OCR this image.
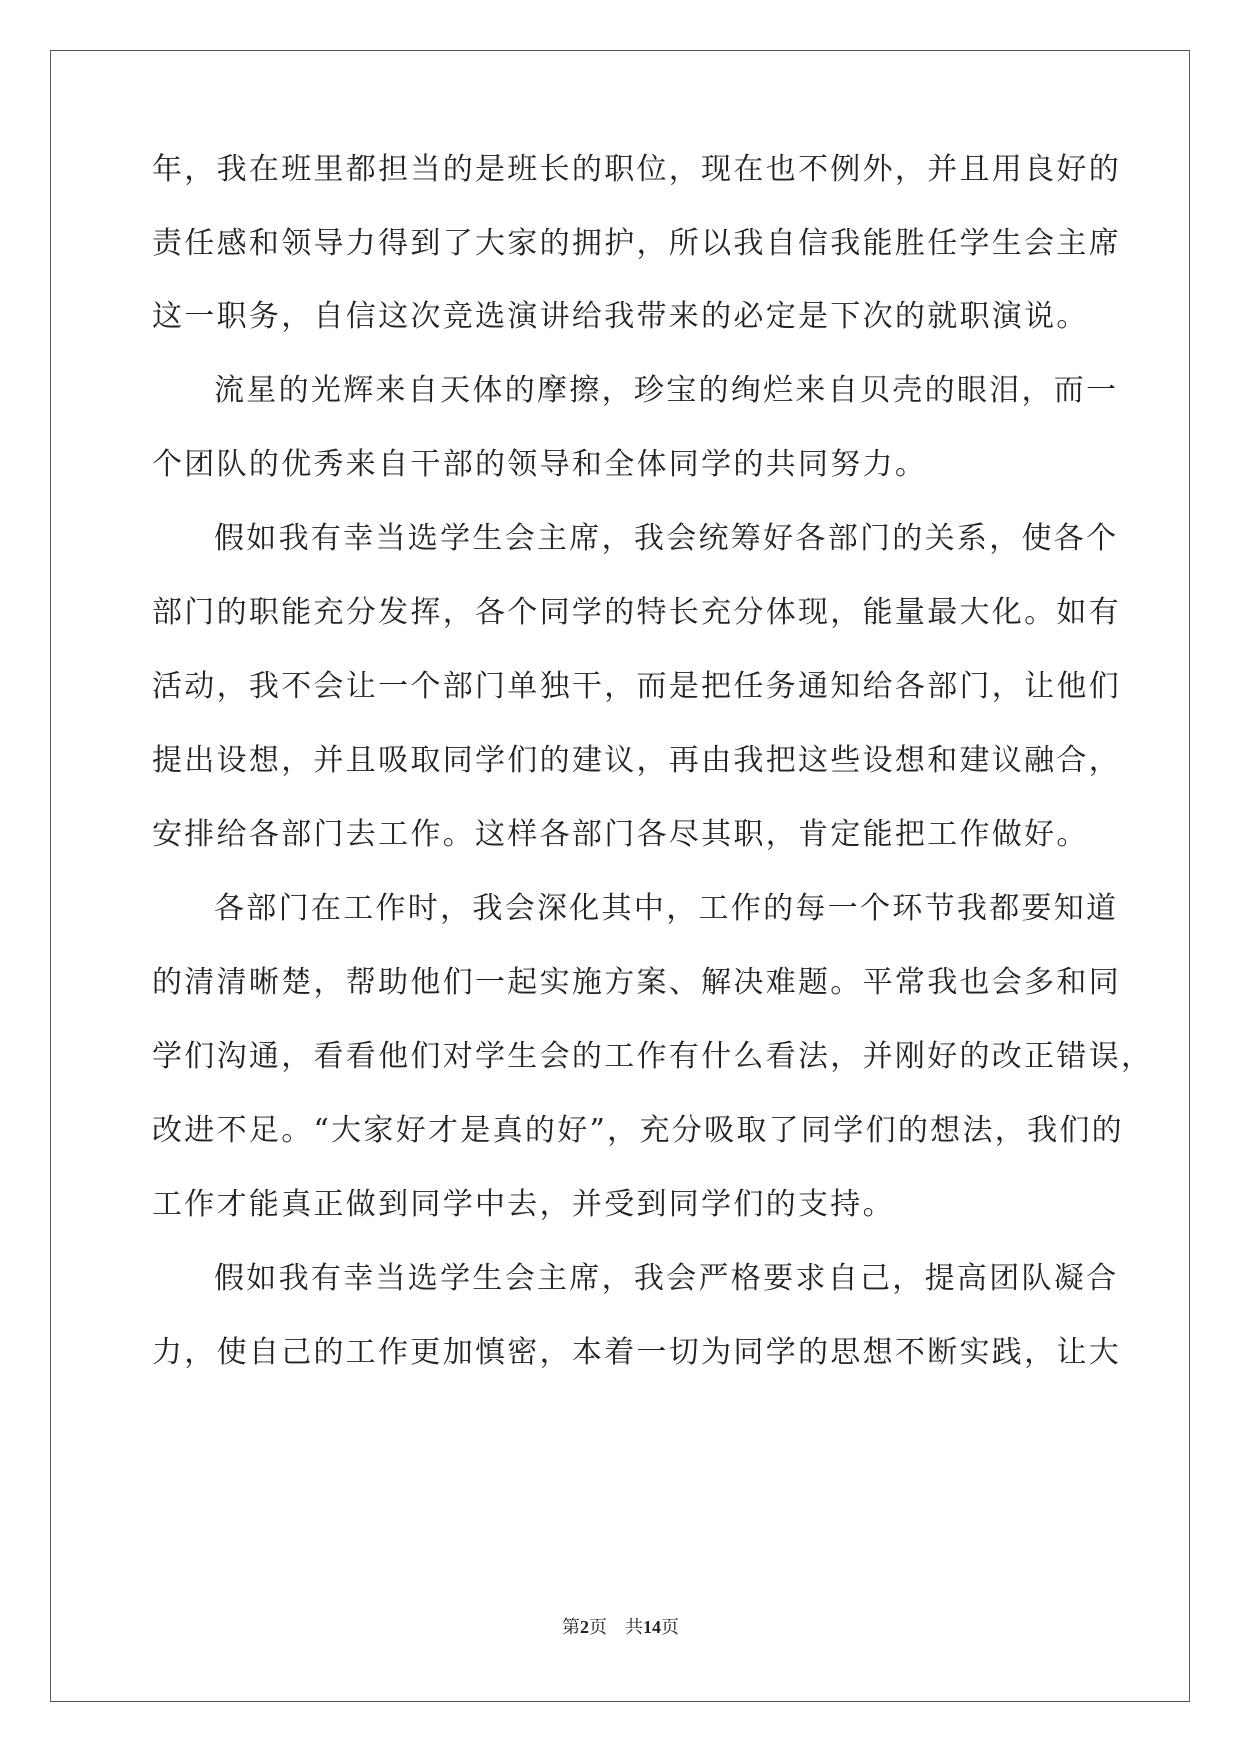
年，我在班里都担当的是班长的职位，现在也不例外，并且用良好的
责任感和领导力得到了大家的拥护，所以我自信我能胜任学生会主席
这一职务，自信这次竞选演讲给我带来的必定是下次的就职演说。
流星的光辉来自天体的摩擦，珍宝的绚烂来自贝壳的眼泪，而一
个团队的优秀来自干部的领导和全体同学的共同努力。
假如我有幸当选学生会主席，我会统筹好各部门的关系，使各个
部门的职能充分发挥，各个同学的特长充分体现，能量最大化。如有
活动，我不会让一个部门单独干，而是把任务通知给各部门，让他们
提出设想，并且吸取同学们的建议，再由我把这些设想和建议融合，
安排给各部门去工作。这样各部门各尽其职，肯定能把工作做好。
各部门在工作时，我会深化其中，工作的每一个环节我都要知道
的清清晰楚，帮助他们一起实施方案、解决难题。平常我也会多和同
学们沟通，看看他们对学生会的工作有什么看法，并刚好的改正错误，
改进不足。“大家好才是真的好”，充分吸取了同学们的想法，我们的
工作才能真正做到同学中去，并受到同学们的支持。
假如我有幸当选学生会主席，我会严格要求自己，提高团队凝合
力，使自己的工作更加慎密，本着一切为同学的思想不断实践，让大
第2页　共14页
